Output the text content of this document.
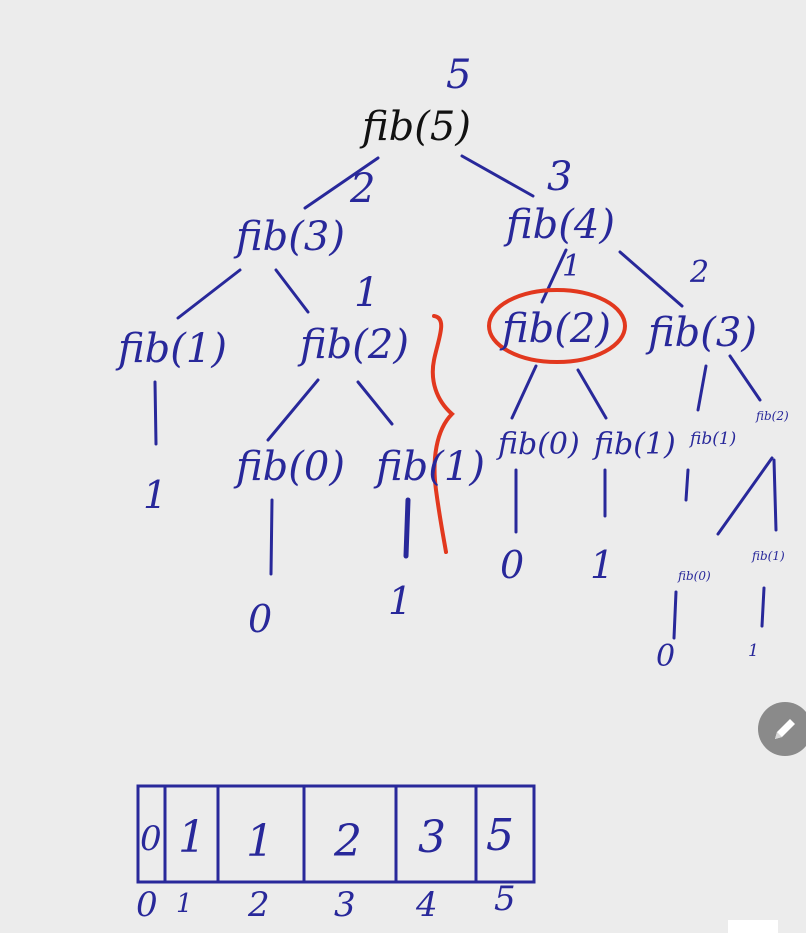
5
fib(5)
2
fib(3)
3
fib(4)
fib(1)
1
fib(2)
1
fib(2)
2
fib(3)
1
fib(0) fib(1)
0	1
fib(0) fib(1) fib(1)
fib(2)
0 1	fib(0)
fib(1)
0	1
0 1 1 2 3 5
0 1 2 3 4 5
